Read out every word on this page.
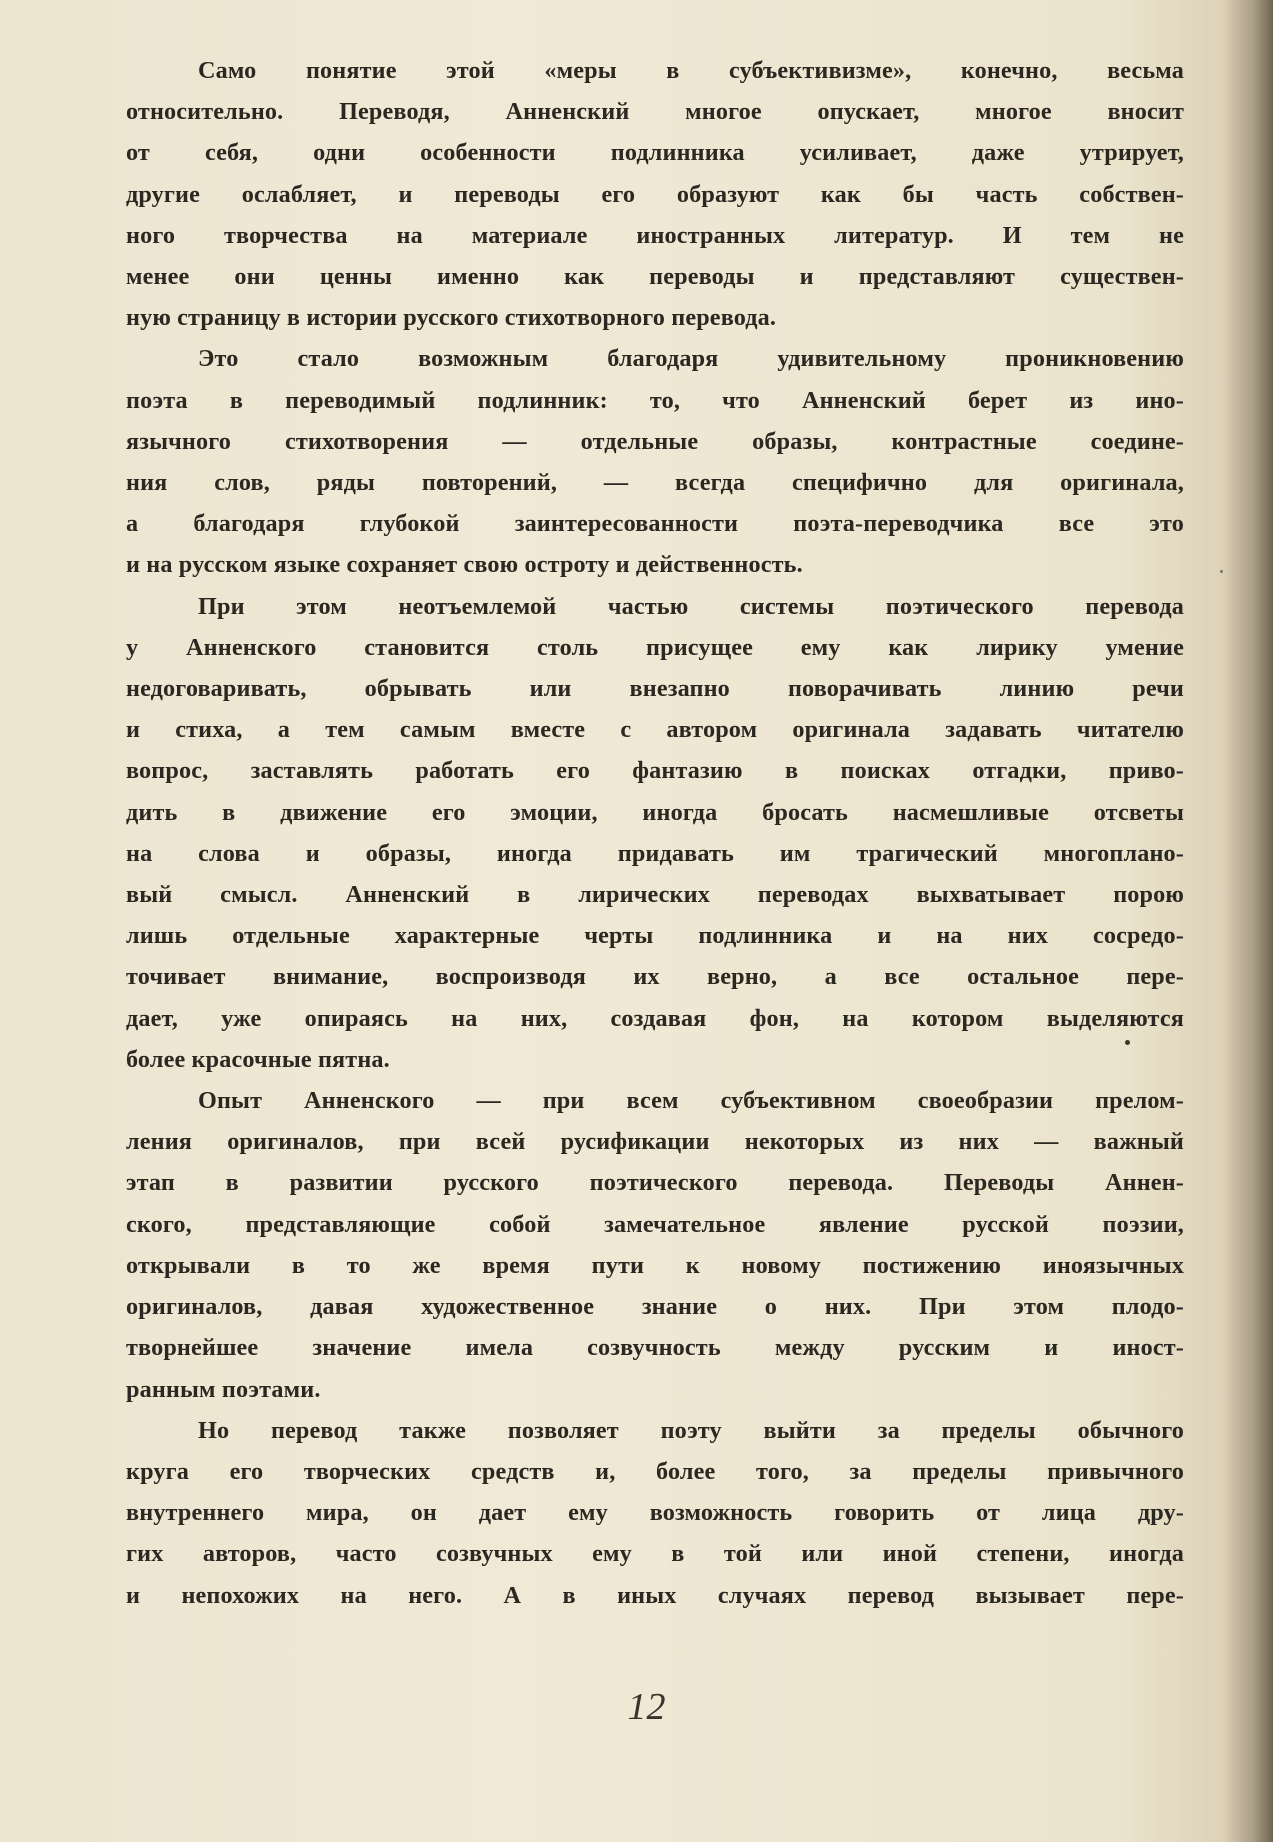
Само понятие этой «меры в субъективизме», конечно, весьма
относительно. Переводя, Анненский многое опускает, многое вносит
от себя, одни особенности подлинника усиливает, даже утрирует,
другие ослабляет, и переводы его образуют как бы часть собствен-
ного творчества на материале иностранных литератур. И тем не
менее они ценны именно как переводы и представляют существен-
ную страницу в истории русского стихотворного перевода.
Это стало возможным благодаря удивительному проникновению
поэта в переводимый подлинник: то, что Анненский берет из ино-
язычного стихотворения — отдельные образы, контрастные соедине-
ния слов, ряды повторений, — всегда специфично для оригинала,
а благодаря глубокой заинтересованности поэта-переводчика все это
и на русском языке сохраняет свою остроту и действенность.
При этом неотъемлемой частью системы поэтического перевода
у Анненского становится столь присущее ему как лирику умение
недоговаривать, обрывать или внезапно поворачивать линию речи
и стиха, а тем самым вместе с автором оригинала задавать читателю
вопрос, заставлять работать его фантазию в поисках отгадки, приво-
дить в движение его эмоции, иногда бросать насмешливые отсветы
на слова и образы, иногда придавать им трагический многоплано-
вый смысл. Анненский в лирических переводах выхватывает порою
лишь отдельные характерные черты подлинника и на них сосредо-
точивает внимание, воспроизводя их верно, а все остальное пере-
дает, уже опираясь на них, создавая фон, на котором выделяются
более красочные пятна.
Опыт Анненского — при всем субъективном своеобразии прелом-
ления оригиналов, при всей русификации некоторых из них — важный
этап в развитии русского поэтического перевода. Переводы Аннен-
ского, представляющие собой замечательное явление русской поэзии,
открывали в то же время пути к новому постижению иноязычных
оригиналов, давая художественное знание о них. При этом плодо-
творнейшее значение имела созвучность между русским и иност-
ранным поэтами.
Но перевод также позволяет поэту выйти за пределы обычного
круга его творческих средств и, более того, за пределы привычного
внутреннего мира, он дает ему возможность говорить от лица дру-
гих авторов, часто созвучных ему в той или иной степени, иногда
и непохожих на него. А в иных случаях перевод вызывает пере-
12
